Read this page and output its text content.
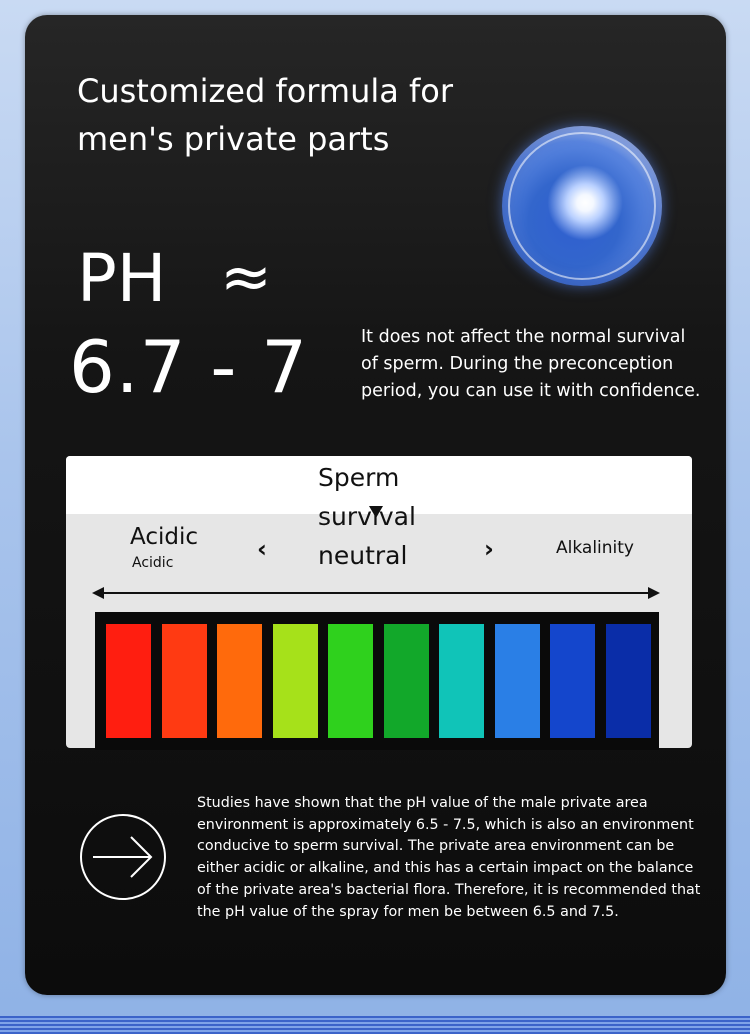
Customized formula for
men's private parts
PH ≈
6.7 - 7	It does not affect the normal survival of sperm. During the preconception period, you can use it with confidence.
Acidic
Acidic
Alkalinity
‹	›
Sperm
survival
neutral
Studies have shown that the pH value of the male private area environment is approximately 6.5 - 7.5, which is also an environment conducive to sperm survival. The private area environment can be either acidic or alkaline, and this has a certain impact on the balance of the private area's bacterial flora. Therefore, it is recommended that the pH value of the spray for men be between 6.5 and 7.5.
